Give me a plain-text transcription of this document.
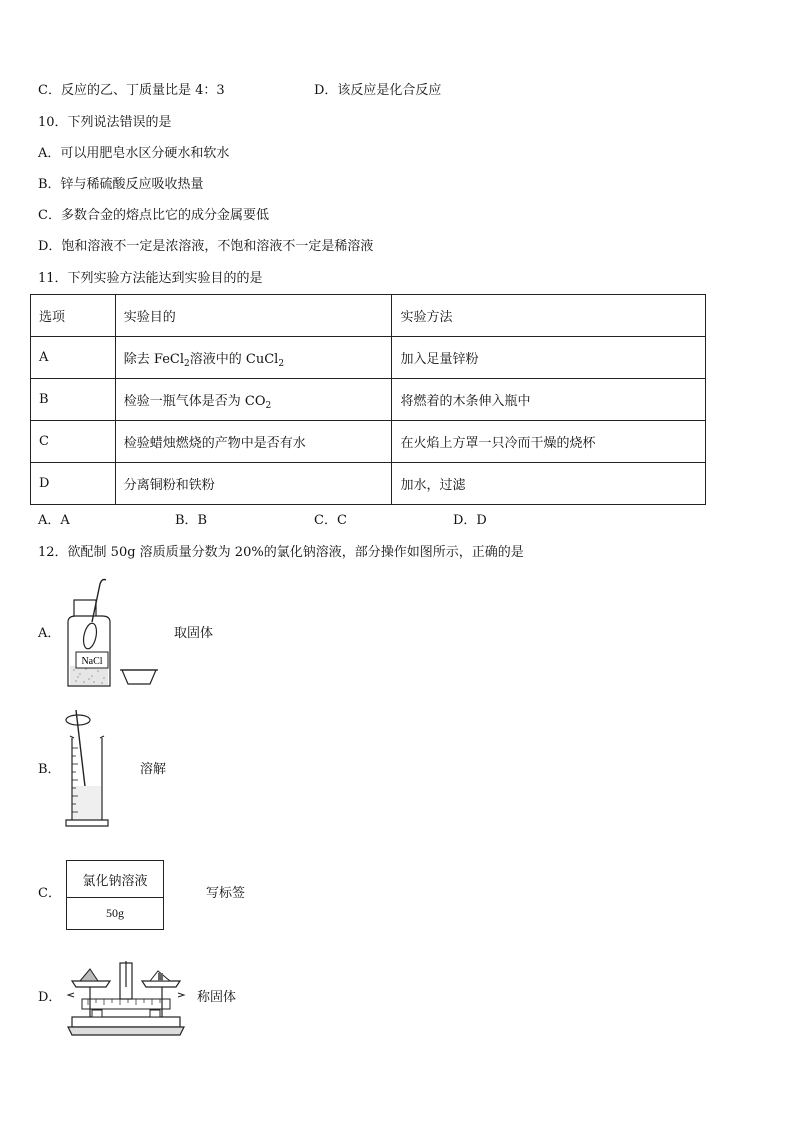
C．反应的乙、丁质量比是 4：3	D．该反应是化合反应
10．下列说法错误的是
A．可以用肥皂水区分硬水和软水
B．锌与稀硫酸反应吸收热量
C．多数合金的熔点比它的成分金属要低
D．饱和溶液不一定是浓溶液，不饱和溶液不一定是稀溶液
11．下列实验方法能达到实验目的的是
选项	实验目的	实验方法
A	除去 FeCl$_2$溶液中的 CuCl$_2$	加入足量锌粉
B	检验一瓶气体是否为 $CO_2$	将燃着的木条伸入瓶中
C	检验蜡烛燃烧的产物中是否有水	在火焰上方罩一只冷而干燥的烧杯
D	分离铜粉和铁粉	加水，过滤
A．A	B．B	C．C	D．D
12．欲配制 50g 溶质质量分数为 20%的氯化钠溶液，部分操作如图所示，正确的是
A．
NaCl
取固体
B．	溶解
C．
氯化钠溶液
50g
写标签
D．	称固体
